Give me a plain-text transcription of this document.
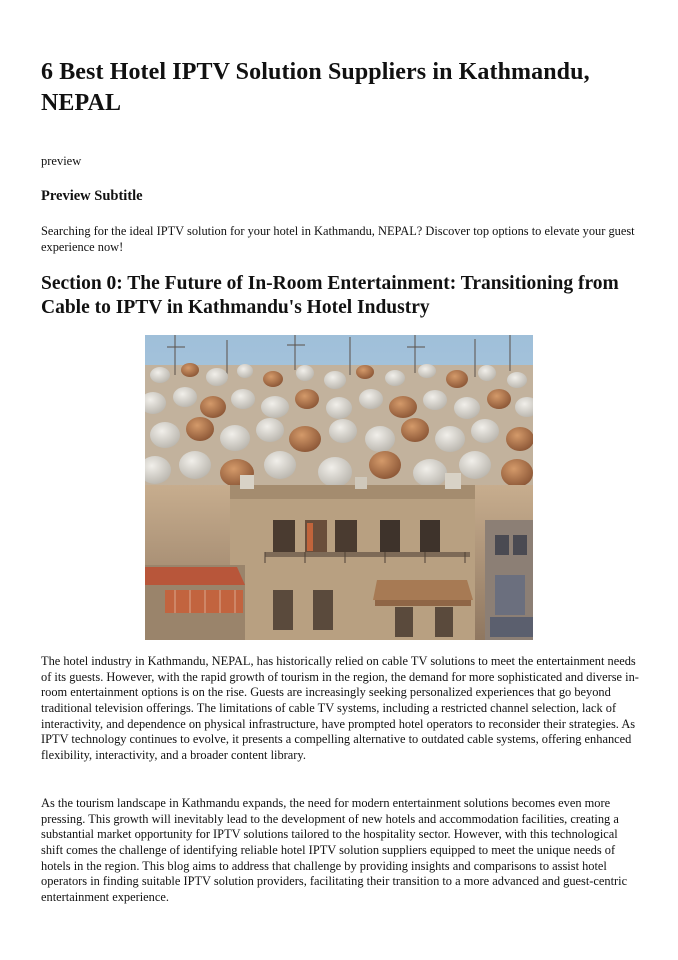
6 Best Hotel IPTV Solution Suppliers in Kathmandu, NEPAL
preview
Preview Subtitle

Searching for the ideal IPTV solution for your hotel in Kathmandu, NEPAL? Discover top options to elevate your guest experience now!

Section 0: The Future of In-Room Entertainment: Transitioning from Cable to IPTV in Kathmandu's Hotel Industry

The hotel industry in Kathmandu, NEPAL, has historically relied on cable TV solutions to meet the entertainment needs of its guests. However, with the rapid growth of tourism in the region, the demand for more sophisticated and diverse in-room entertainment options is on the rise. Guests are increasingly seeking personalized experiences that go beyond traditional television offerings. The limitations of cable TV systems, including a restricted channel selection, lack of interactivity, and dependence on physical infrastructure, have prompted hotel operators to reconsider their strategies. As IPTV technology continues to evolve, it presents a compelling alternative to outdated cable systems, offering enhanced flexibility, interactivity, and a broader content library.

As the tourism landscape in Kathmandu expands, the need for modern entertainment solutions becomes even more pressing. This growth will inevitably lead to the development of new hotels and accommodation facilities, creating a substantial market opportunity for IPTV solutions tailored to the hospitality sector. However, with this technological shift comes the challenge of identifying reliable hotel IPTV solution suppliers equipped to meet the unique needs of hotels in the region. This blog aims to address that challenge by providing insights and comparisons to assist hotel operators in finding suitable IPTV solution providers, facilitating their transition to a more advanced and guest-centric entertainment experience.
